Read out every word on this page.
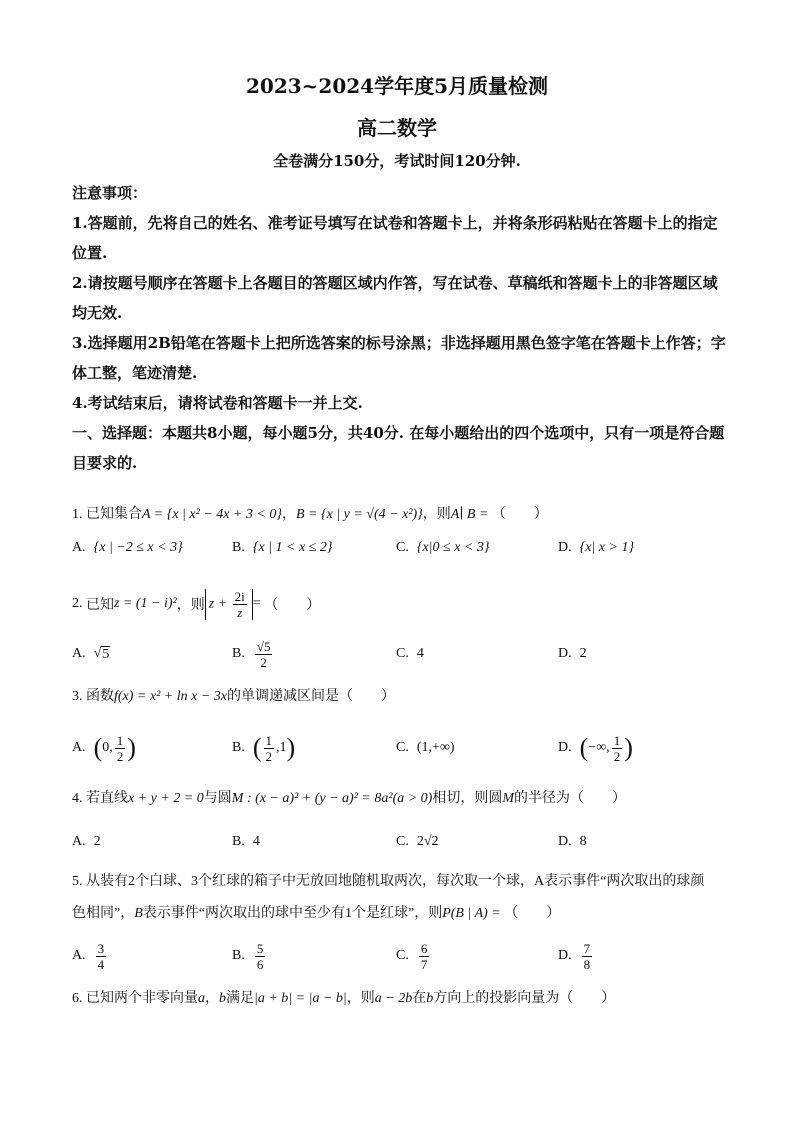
2023~2024学年度5月质量检测
高二数学
全卷满分150分，考试时间120分钟.
注意事项：
1.答题前，先将自己的姓名、准考证号填写在试卷和答题卡上，并将条形码粘贴在答题卡上的指定位置.
2.请按题号顺序在答题卡上各题目的答题区域内作答，写在试卷、草稿纸和答题卡上的非答题区域均无效.
3.选择题用2B铅笔在答题卡上把所选答案的标号涂黑；非选择题用黑色签字笔在答题卡上作答；字体工整，笔迹清楚.
4.考试结束后，请将试卷和答题卡一并上交.
一、选择题：本题共8小题，每小题5分，共40分. 在每小题给出的四个选项中，只有一项是符合题目要求的.
1. 已知集合A = {x | x² − 4x + 3 < 0}，B = {x | y = √(4 − x²)}，则A∣ B = （　　）
A. {x | −2 ≤ x < 3}	B. {x | 1 < x ≤ 2}	C. {x|0 ≤ x < 3}	D. {x| x > 1}
2.
已知 z = (1 − i)² ，则 $z + \frac{2i}{z}$ =
（　　）
A. √ 5	B. $\frac{√5}{2}$	C. 4	D. 2
3. 函数f(x) = x² + ln x − 3x的单调递减区间是（　　）
A. ( 0, $\frac{1}{2}$ )	B. ( $\frac{1}{2} ,1$ )	C. (1,+∞)	D. ( −∞, $\frac{1}{2}$ )
4. 若直线x + y + 2 = 0与圆M : (x − a)² + (y − a)² = 8a²(a > 0)相切，则圆M的半径为（　　）
A. 2	B. 4	C. 2√2	D. 8
5. 从装有2个白球、3个红球的箱子中无放回地随机取两次，每次取一个球，A表示事件“两次取出的球颜
色相同”，B表示事件“两次取出的球中至少有1个是红球”，则P(B | A) = （　　）
A. $\frac{3}{4}$	B. $\frac{5}{6}$	C. $\frac{6}{7}$	D. $\frac{7}{8}$
6. 已知两个非零向量a，b满足|a + b| = |a − b|，则a − 2b在b方向上的投影向量为（　　）
